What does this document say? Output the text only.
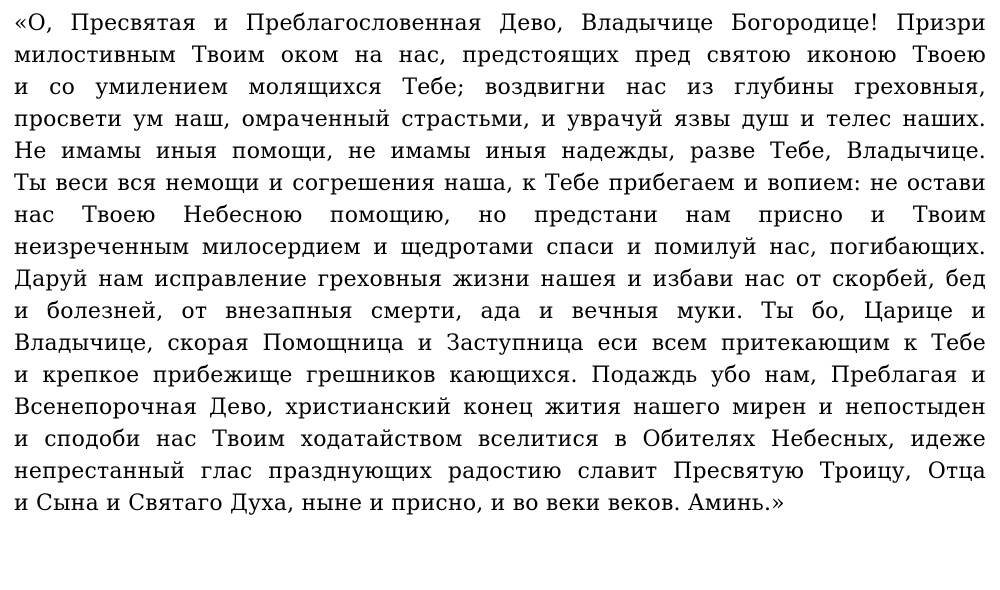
«О, Пресвятая и Преблагословенная Дево, Владычице Богородице! Призри
милостивным Твоим оком на нас, предстоящих пред святою иконою Твоею
и со умилением молящихся Тебе; воздвигни нас из глубины греховныя,
просвети ум наш, омраченный страстьми, и уврачуй язвы душ и телес наших.
Не имамы иныя помощи, не имамы иныя надежды, разве Тебе, Владычице.
Ты веси вся немощи и согрешения наша, к Тебе прибегаем и вопием: не остави
нас Твоею Небесною помощию, но предстани нам присно и Твоим
неизреченным милосердием и щедротами спаси и помилуй нас, погибающих.
Даруй нам исправление греховныя жизни нашея и избави нас от скорбей, бед
и болезней, от внезапныя смерти, ада и вечныя муки. Ты бо, Царице и
Владычице, скорая Помощница и Заступница еси всем притекающим к Тебе
и крепкое прибежище грешников кающихся. Подаждь убо нам, Преблагая и
Всенепорочная Дево, христианский конец жития нашего мирен и непостыден
и сподоби нас Твоим ходатайством вселитися в Обителях Небесных, идеже
непрестанный глас празднующих радостию славит Пресвятую Троицу, Отца
и Сына и Святаго Духа, ныне и присно, и во веки веков. Аминь.»
